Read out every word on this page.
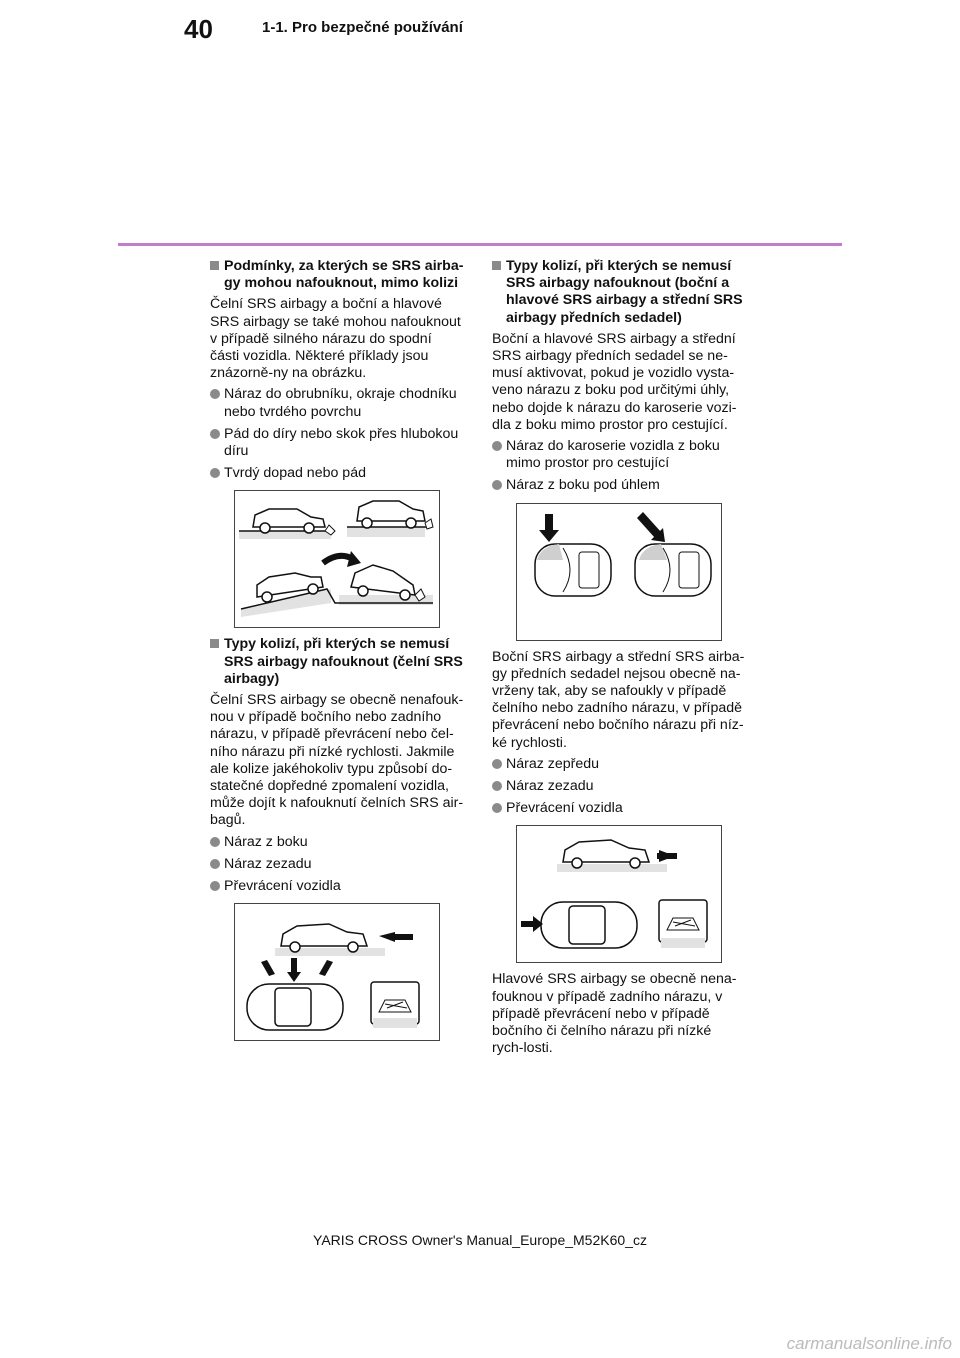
40	1-1. Pro bezpečné používání
Podmínky, za kterých se SRS airba-gy mohou nafouknout, mimo kolizi
Čelní SRS airbagy a boční a hlavové SRS airbagy se také mohou nafouknout v případě silného nárazu do spodní části vozidla. Některé příklady jsou znázorně-ny na obrázku.
Náraz do obrubníku, okraje chodníku nebo tvrdého povrchu
Pád do díry nebo skok přes hlubokou díru
Tvrdý dopad nebo pád
Typy kolizí, při kterých se nemusí SRS airbagy nafouknout (čelní SRS airbagy)
Čelní SRS airbagy se obecně nenafouk-nou v případě bočního nebo zadního nárazu, v případě převrácení nebo čel-ního nárazu při nízké rychlosti. Jakmile ale kolize jakéhokoliv typu způsobí do-statečné dopředné zpomalení vozidla, může dojít k nafouknutí čelních SRS air-bagů.
Náraz z boku
Náraz zezadu
Převrácení vozidla
Typy kolizí, při kterých se nemusí SRS airbagy nafouknout (boční a hlavové SRS airbagy a střední SRS airbagy předních sedadel)
Boční a hlavové SRS airbagy a střední SRS airbagy předních sedadel se ne-musí aktivovat, pokud je vozidlo vysta-veno nárazu z boku pod určitými úhly, nebo dojde k nárazu do karoserie vozi-dla z boku mimo prostor pro cestující.
Náraz do karoserie vozidla z boku mimo prostor pro cestující
Náraz z boku pod úhlem
Boční SRS airbagy a střední SRS airba-gy předních sedadel nejsou obecně na-vrženy tak, aby se nafoukly v případě čelního nebo zadního nárazu, v případě převrácení nebo bočního nárazu při níz-ké rychlosti.
Náraz zepředu
Náraz zezadu
Převrácení vozidla
Hlavové SRS airbagy se obecně nena-fouknou v případě zadního nárazu, v případě převrácení nebo v případě bočního či čelního nárazu při nízké rych-losti.
YARIS CROSS Owner's Manual_Europe_M52K60_cz
carmanualsonline.info
